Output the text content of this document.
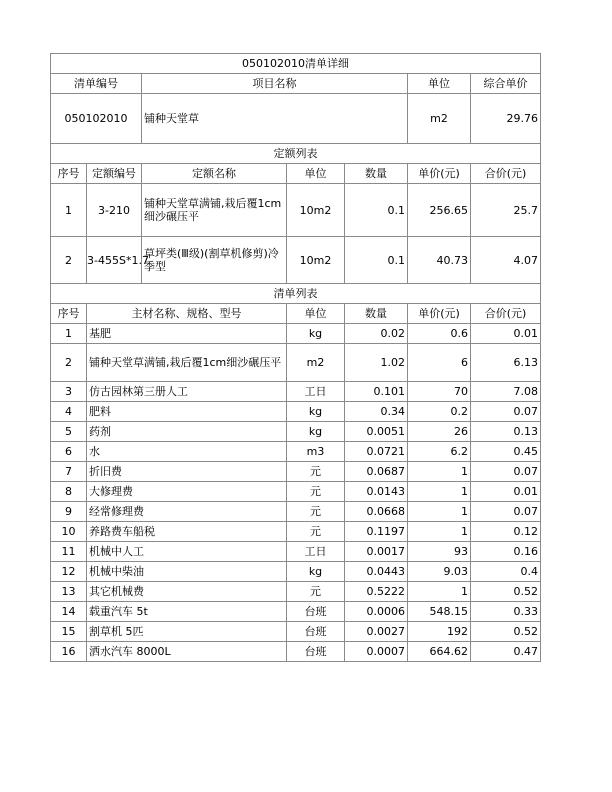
050102010清单详细						
清单编号		项目名称			单位	综合单价
050102010		铺种天堂草			m2	29.76
定额列表						
序号	定额编号	定额名称	单位	数量	单价(元)	合价(元)
1	3-210	铺种天堂草满铺,栽后覆1cm细沙碾压平	10m2	0.1	256.65	25.7
2	3-455S*1.7	草坪类(Ⅲ级)(割草机修剪)冷季型	10m2	0.1	40.73	4.07
清单列表						
序号	主材名称、规格、型号		单位	数量	单价(元)	合价(元)
1	基肥		kg	0.02	0.6	0.01
2	铺种天堂草满铺,栽后覆1cm细沙碾压平		m2	1.02	6	6.13
3	仿古园林第三册人工		工日	0.101	70	7.08
4	肥料		kg	0.34	0.2	0.07
5	药剂		kg	0.0051	26	0.13
6	水		m3	0.0721	6.2	0.45
7	折旧费		元	0.0687	1	0.07
8	大修理费		元	0.0143	1	0.01
9	经常修理费		元	0.0668	1	0.07
10	养路费车船税		元	0.1197	1	0.12
11	机械中人工		工日	0.0017	93	0.16
12	机械中柴油		kg	0.0443	9.03	0.4
13	其它机械费		元	0.5222	1	0.52
14	载重汽车 5t		台班	0.0006	548.15	0.33
15	割草机 5匹		台班	0.0027	192	0.52
16	洒水汽车 8000L		台班	0.0007	664.62	0.47
